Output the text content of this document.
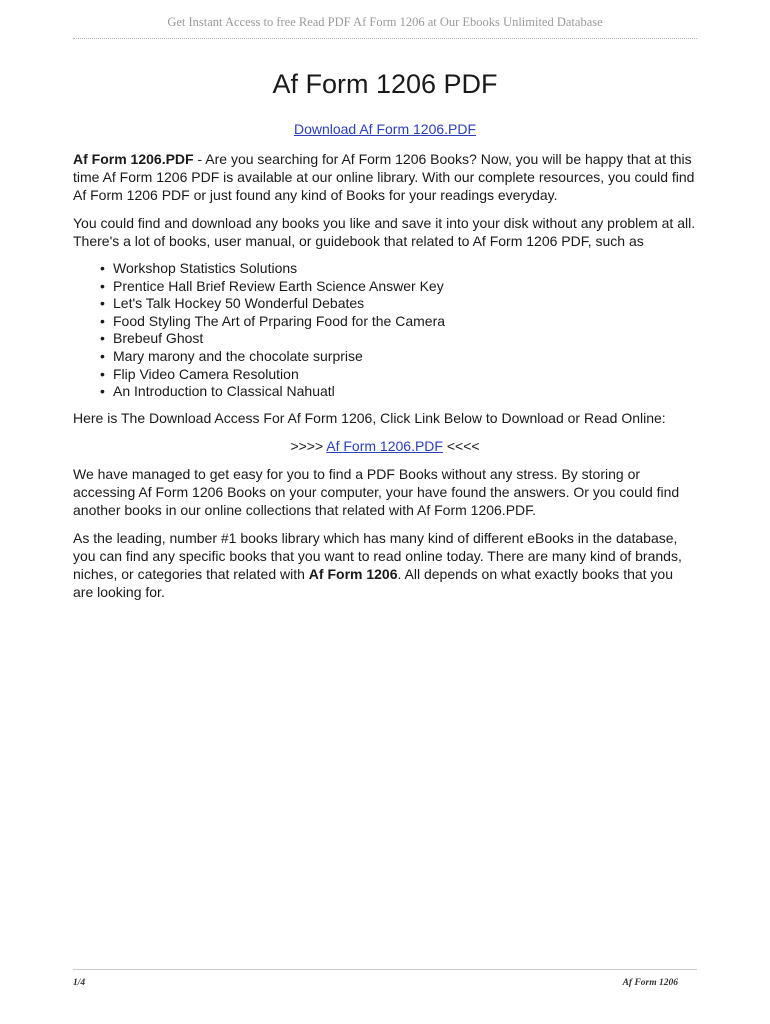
Get Instant Access to free Read PDF Af Form 1206 at Our Ebooks Unlimited Database
Af Form 1206 PDF
Download Af Form 1206.PDF

Af Form 1206.PDF - Are you searching for Af Form 1206 Books? Now, you will be happy that at this time Af Form 1206 PDF is available at our online library. With our complete resources, you could find Af Form 1206 PDF or just found any kind of Books for your readings everyday.

You could find and download any books you like and save it into your disk without any problem at all. There's a lot of books, user manual, or guidebook that related to Af Form 1206 PDF, such as

• Workshop Statistics Solutions
• Prentice Hall Brief Review Earth Science Answer Key
• Let's Talk Hockey 50 Wonderful Debates
• Food Styling The Art of Prparing Food for the Camera
• Brebeuf Ghost
• Mary marony and the chocolate surprise
• Flip Video Camera Resolution
• An Introduction to Classical Nahuatl

Here is The Download Access For Af Form 1206, Click Link Below to Download or Read Online:

>>>> Af Form 1206.PDF <<<<

We have managed to get easy for you to find a PDF Books without any stress. By storing or accessing Af Form 1206 Books on your computer, your have found the answers. Or you could find another books in our online collections that related with Af Form 1206.PDF.

As the leading, number #1 books library which has many kind of different eBooks in the database, you can find any specific books that you want to read online today. There are many kind of brands, niches, or categories that related with Af Form 1206. All depends on what exactly books that you are looking for.

1/4	Af Form 1206
